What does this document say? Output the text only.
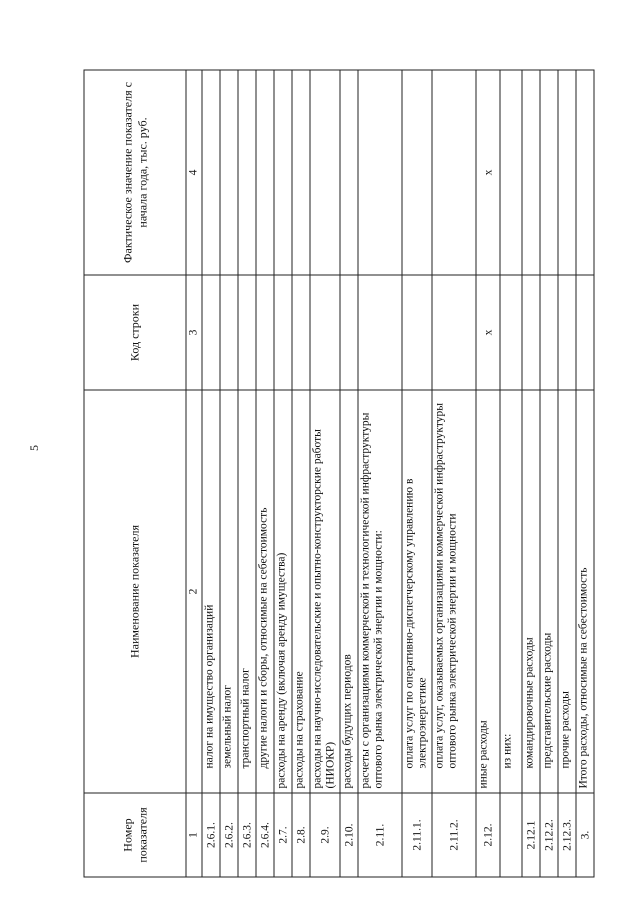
5
Номер показателя	Наименование показателя	Код строки	Фактическое значение показателя с начала года, тыс. руб.
1	2	3	4
2.6.1.	налог на имущество организаций		
2.6.2.	земельный налог		
2.6.3.	транспортный налог		
2.6.4.	другие налоги и сборы, относимые на себестоимость		
2.7.	расходы на аренду (включая аренду имущества)		
2.8.	расходы на страхование		
2.9.	расходы на научно-исследовательские и опытно-конструкторские работы (НИОКР)		
2.10.	расходы будущих периодов		
2.11.	расчеты с организациями коммерческой и технологической инфраструктуры оптового рынка электрической энергии и мощности:		
2.11.1.	оплата услуг по оперативно-диспетчерскому управлению в электроэнергетике		
2.11.2.	оплата услуг, оказываемых организациями коммерческой инфраструктуры оптового рынка электрической энергии и мощности		
2.12.	иные расходы	х	х
	из них:		
2.12.1	командировочные расходы		
2.12.2.	представительские расходы		
2.12.3.	прочие расходы		
3.	Итого расходы, относимые на себестоимость		
